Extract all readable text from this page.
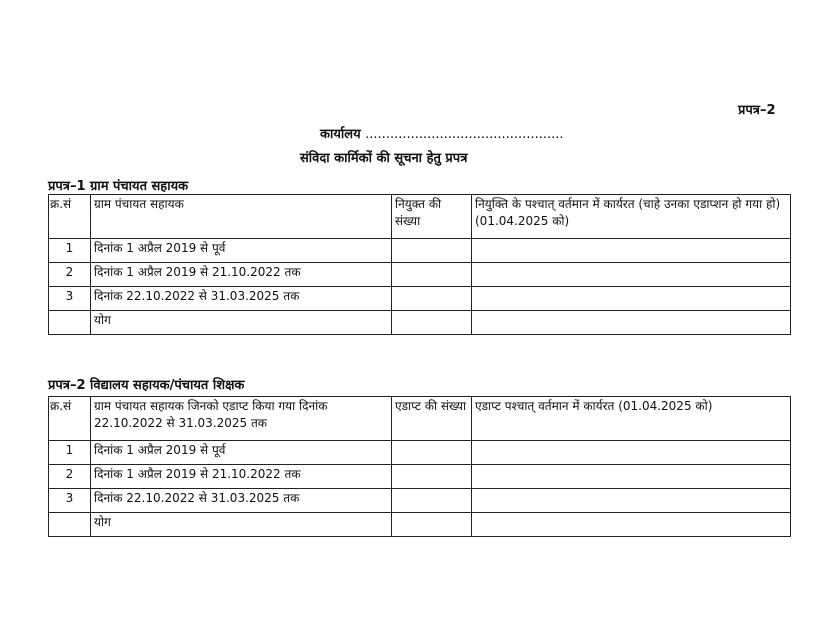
प्रपत्र–2
कार्यालय ................................................
संविदा कार्मिकों की सूचना हेतु प्रपत्र
प्रपत्र–1 ग्राम पंचायत सहायक
क्र.सं	ग्राम पंचायत सहायक	नियुक्त की संख्या	नियुक्ति के पश्चात् वर्तमान में कार्यरत (चाहे उनका एडाप्शन हो गया हो) (01.04.2025 को)
1	दिनांक 1 अप्रैल 2019 से पूर्व		
2	दिनांक 1 अप्रैल 2019 से 21.10.2022 तक		
3	दिनांक 22.10.2022 से 31.03.2025 तक		
	योग		
प्रपत्र–2 विद्यालय सहायक/पंचायत शिक्षक
क्र.सं	ग्राम पंचायत सहायक जिनको एडाप्ट किया गया दिनांक 22.10.2022 से 31.03.2025 तक	एडाप्ट की संख्या	एडाप्ट पश्चात् वर्तमान में कार्यरत (01.04.2025 को)
1	दिनांक 1 अप्रैल 2019 से पूर्व		
2	दिनांक 1 अप्रैल 2019 से 21.10.2022 तक		
3	दिनांक 22.10.2022 से 31.03.2025 तक		
	योग		
